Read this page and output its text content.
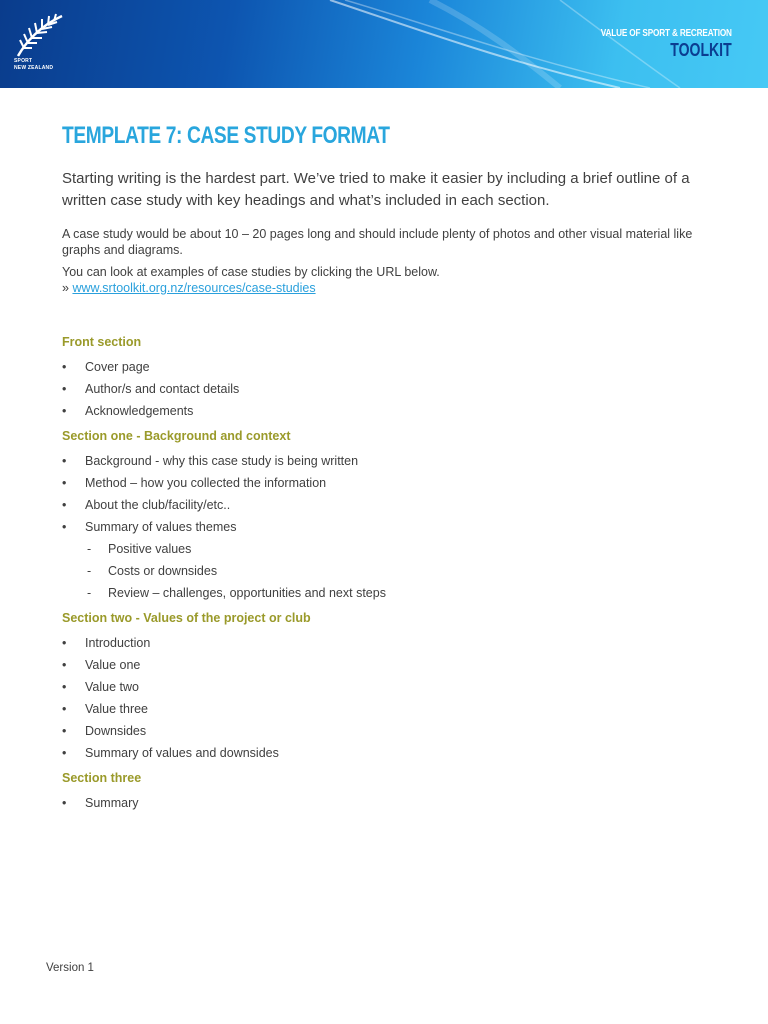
SPORT
NEW ZEALAND
VALUE OF SPORT & RECREATION
TOOLKIT
TEMPLATE 7: CASE STUDY FORMAT

Starting writing is the hardest part. We’ve tried to make it easier by including a brief outline of a written case study with key headings and what’s included in each section.

A case study would be about 10 – 20 pages long and should include plenty of photos and other visual material like graphs and diagrams.

You can look at examples of case studies by clicking the URL below.
» www.srtoolkit.org.nz/resources/case-studies

Front section
• Cover page
• Author/s and contact details
• Acknowledgements
Section one - Background and context
• Background - why this case study is being written
• Method – how you collected the information
• About the club/facility/etc..
• Summary of values themes
- Positive values
- Costs or downsides
- Review – challenges, opportunities and next steps
Section two - Values of the project or club
• Introduction
• Value one
• Value two
• Value three
• Downsides
• Summary of values and downsides
Section three
• Summary
Version 1
